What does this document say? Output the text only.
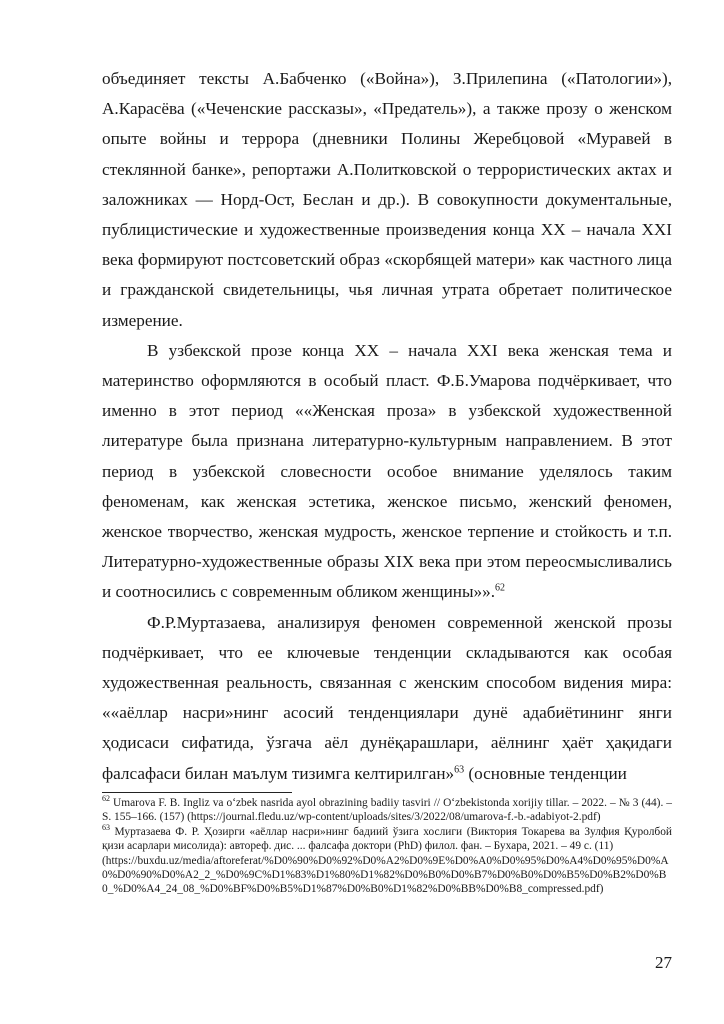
объединяет тексты А.Бабченко («Война»), З.Прилепина («Патологии»), А.Карасёва («Чеченские рассказы», «Предатель»), а также прозу о женском опыте войны и террора (дневники Полины Жеребцовой «Муравей в стеклянной банке», репортажи А.Политковской о террористических актах и заложниках — Норд-Ост, Беслан и др.). В совокупности документальные, публицистические и художественные произведения конца XX – начала XXI века формируют постсоветский образ «скорбящей матери» как частного лица и гражданской свидетельницы, чья личная утрата обретает политическое измерение.

В узбекской прозе конца XX – начала XXI века женская тема и материнство оформляются в особый пласт. Ф.Б.Умарова подчёркивает, что именно в этот период ««Женская проза» в узбекской художественной литературе была признана литературно-культурным направлением. В этот период в узбекской словесности особое внимание уделялось таким феноменам, как женская эстетика, женское письмо, женский феномен, женское творчество, женская мудрость, женское терпение и стойкость и т.п. Литературно-художественные образы XIX века при этом переосмысливались и соотносились с современным обликом женщины»».$^{62}$

Ф.Р.Муртазаева, анализируя феномен современной женской прозы подчёркивает, что ее ключевые тенденции складываются как особая художественная реальность, связанная с женским способом видения мира: ««аёллар насри»нинг асосий тенденциялари дунё адабиётининг янги ҳодисаси сифатида, ўзгача аёл дунёқарашлари, аёлнинг ҳаёт ҳақидаги фалсафаси билан маълум тизимга келтирилган»$^{63}$ (основные тенденции

$^{62}$ Umarova F. B. Ingliz va o‘zbek nasrida ayol obrazining badiiy tasviri // O‘zbekistonda xorijiy tillar. – 2022. – № 3 (44). – S. 155–166. (157) (https://journal.fledu.uz/wp-content/uploads/sites/3/2022/08/umarova-f.-b.-adabiyot-2.pdf)

$^{63}$ Муртазаева Ф. Р. Ҳозирги «аёллар насри»нинг бадиий ўзига хослиги (Виктория Токарева ва Зулфия Қуролбой қизи асарлари мисолида): автореф. дис. ... фалсафа доктори (PhD) филол. фан. – Бухара, 2021. – 49 с. (11)

(https://buxdu.uz/media/aftoreferat/%D0%90%D0%92%D0%A2%D0%9E%D0%A0%D0%95%D0%A4%D0%95%D0%A0%D0%90%D0%A2_2_%D0%9C%D1%83%D1%80%D1%82%D0%B0%D0%B7%D0%B0%D0%B5%D0%B2%D0%B0_%D0%A4_24_08_%D0%BF%D0%B5%D1%87%D0%B0%D1%82%D0%BB%D0%B8_compressed.pdf)

27
